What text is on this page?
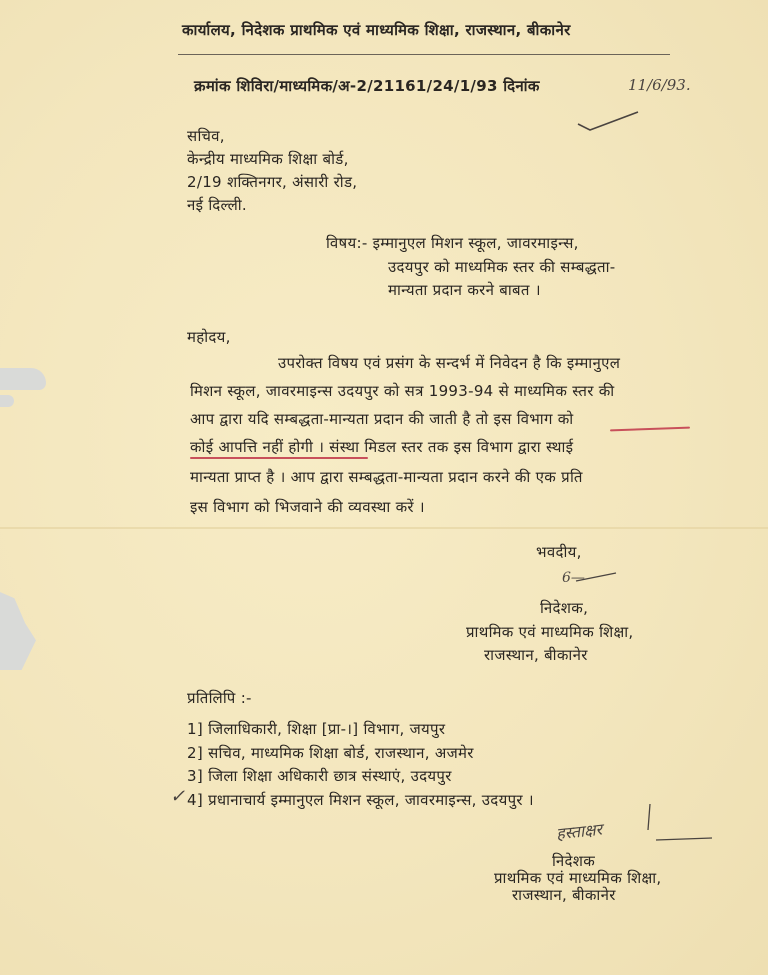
कार्यालय, निदेशक प्राथमिक एवं माध्यमिक शिक्षा, राजस्थान, बीकानेर
क्रमांक शिविरा/माध्यमिक/अ-2/21161/24/1/93 दिनांक	11/6/93.
सचिव,
केन्द्रीय माध्यमिक शिक्षा बोर्ड,
2/19 शक्तिनगर, अंसारी रोड,
नई दिल्ली.
विषय:- इम्मानुएल मिशन स्कूल, जावरमाइन्स,
उदयपुर को माध्यमिक स्तर की सम्बद्धता-
मान्यता प्रदान करने बाबत ।
महोदय,
उपरोक्त विषय एवं प्रसंग के सन्दर्भ में निवेदन है कि इम्मानुएल
मिशन स्कूल, जावरमाइन्स उदयपुर को सत्र 1993-94 से माध्यमिक स्तर की
आप द्वारा यदि सम्बद्धता-मान्यता प्रदान की जाती है तो इस विभाग को
कोई आपत्ति नहीं होगी । संस्था मिडल स्तर तक इस विभाग द्वारा स्थाई
मान्यता प्राप्त है । आप द्वारा सम्बद्धता-मान्यता प्रदान करने की एक प्रति
इस विभाग को भिजवाने की व्यवस्था करें ।
भवदीय,
6—
निदेशक,
प्राथमिक एवं माध्यमिक शिक्षा,
राजस्थान, बीकानेर
प्रतिलिपि :-
1] जिलाधिकारी, शिक्षा [प्रा-।] विभाग, जयपुर
2] सचिव, माध्यमिक शिक्षा बोर्ड, राजस्थान, अजमेर
3] जिला शिक्षा अधिकारी छात्र संस्थाएं, उदयपुर
✓ 4] प्रधानाचार्य इम्मानुएल मिशन स्कूल, जावरमाइन्स, उदयपुर ।
हस्ताक्षर
निदेशक
प्राथमिक एवं माध्यमिक शिक्षा,
राजस्थान, बीकानेर
